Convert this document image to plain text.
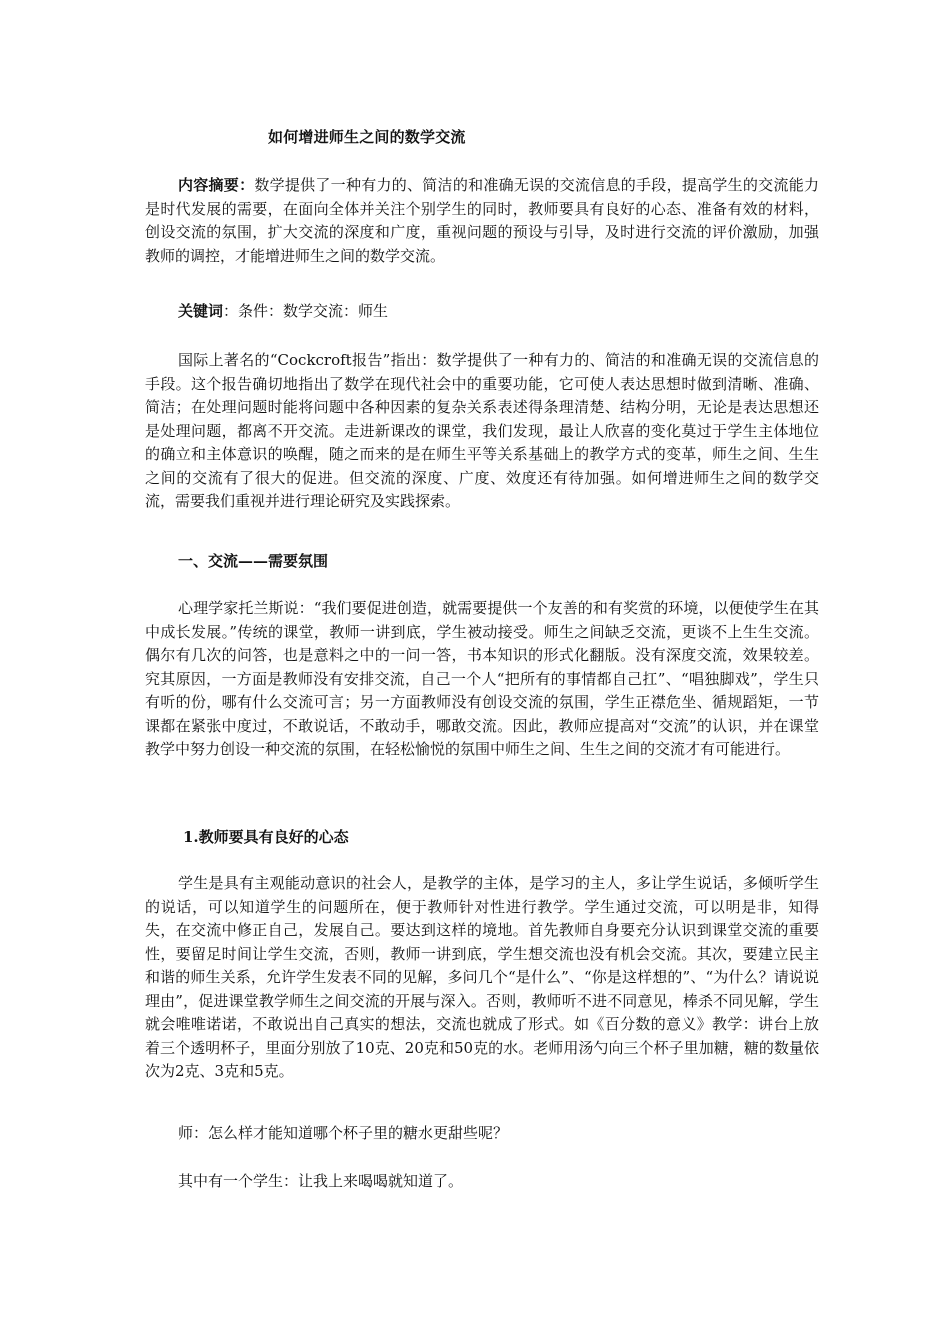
如何增进师生之间的数学交流
内容摘要：数学提供了一种有力的、简洁的和准确无误的交流信息的手段，提高学生的交流能力是时代发展的需要，在面向全体并关注个别学生的同时，教师要具有良好的心态、准备有效的材料，创设交流的氛围，扩大交流的深度和广度，重视问题的预设与引导，及时进行交流的评价激励，加强教师的调控，才能增进师生之间的数学交流。
关键词：条件：数学交流：师生
国际上著名的“Cockcroft报告”指出：数学提供了一种有力的、简洁的和准确无误的交流信息的手段。这个报告确切地指出了数学在现代社会中的重要功能，它可使人表达思想时做到清晰、准确、简洁；在处理问题时能将问题中各种因素的复杂关系表述得条理清楚、结构分明，无论是表达思想还是处理问题，都离不开交流。走进新课改的课堂，我们发现，最让人欣喜的变化莫过于学生主体地位的确立和主体意识的唤醒，随之而来的是在师生平等关系基础上的教学方式的变革，师生之间、生生之间的交流有了很大的促进。但交流的深度、广度、效度还有待加强。如何增进师生之间的数学交流，需要我们重视并进行理论研究及实践探索。
一、交流——需要氛围
心理学家托兰斯说：“我们要促进创造，就需要提供一个友善的和有奖赏的环境，以便使学生在其中成长发展。”传统的课堂，教师一讲到底，学生被动接受。师生之间缺乏交流，更谈不上生生交流。偶尔有几次的问答，也是意料之中的一问一答，书本知识的形式化翻版。没有深度交流，效果较差。究其原因，一方面是教师没有安排交流，自己一个人“把所有的事情都自己扛”、“唱独脚戏”，学生只有听的份，哪有什么交流可言；另一方面教师没有创设交流的氛围，学生正襟危坐、循规蹈矩，一节课都在紧张中度过，不敢说话，不敢动手，哪敢交流。因此，教师应提高对“交流”的认识，并在课堂教学中努力创设一种交流的氛围，在轻松愉悦的氛围中师生之间、生生之间的交流才有可能进行。
1.教师要具有良好的心态
学生是具有主观能动意识的社会人，是教学的主体，是学习的主人，多让学生说话，多倾听学生的说话，可以知道学生的问题所在，便于教师针对性进行教学。学生通过交流，可以明是非，知得失，在交流中修正自己，发展自己。要达到这样的境地。首先教师自身要充分认识到课堂交流的重要性，要留足时间让学生交流，否则，教师一讲到底，学生想交流也没有机会交流。其次，要建立民主和谐的师生关系，允许学生发表不同的见解，多问几个“是什么”、“你是这样想的”、“为什么？请说说理由”，促进课堂教学师生之间交流的开展与深入。否则，教师听不进不同意见，棒杀不同见解，学生就会唯唯诺诺，不敢说出自己真实的想法，交流也就成了形式。如《百分数的意义》教学：讲台上放着三个透明杯子，里面分别放了10克、20克和50克的水。老师用汤勺向三个杯子里加糖，糖的数量依次为2克、3克和5克。
师：怎么样才能知道哪个杯子里的糖水更甜些呢？
其中有一个学生：让我上来喝喝就知道了。
